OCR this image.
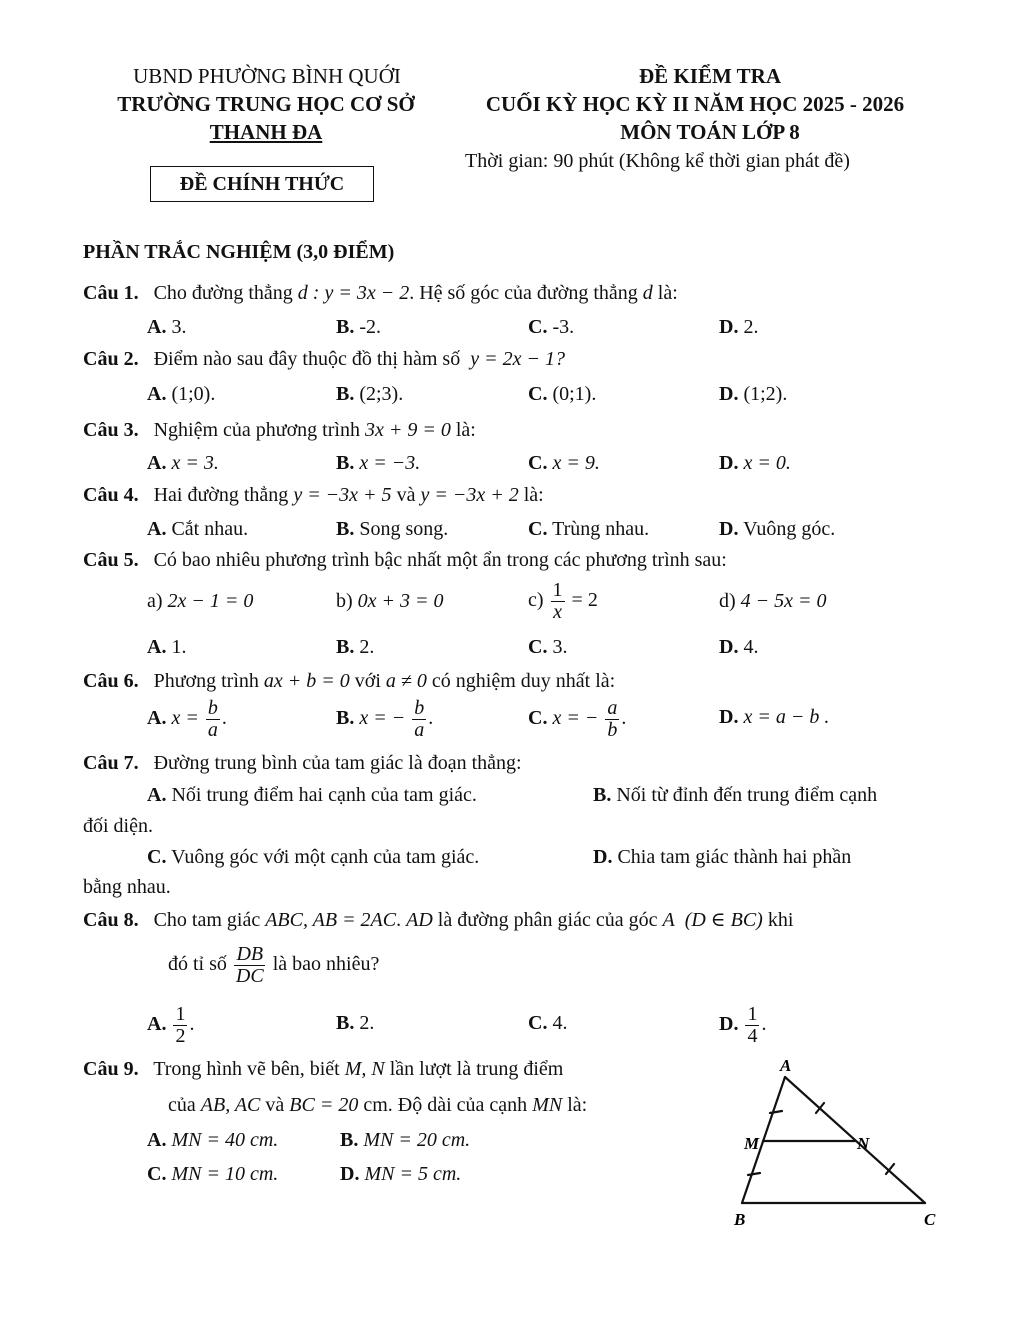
UBND PHƯỜNG BÌNH QUỚI
TRƯỜNG TRUNG HỌC CƠ SỞ
THANH ĐA
ĐỀ CHÍNH THỨC
ĐỀ KIỂM TRA
CUỐI KỲ HỌC KỲ II NĂM HỌC 2025 - 2026
MÔN TOÁN LỚP 8
Thời gian: 90 phút (Không kể thời gian phát đề)
PHẦN TRẮC NGHIỆM (3,0 ĐIỂM)
Câu 1. Cho đường thẳng d : y = 3x − 2. Hệ số góc của đường thẳng d là:
A. 3.	B. -2.	C. -3.	D. 2.
Câu 2. Điểm nào sau đây thuộc đồ thị hàm số y = 2x − 1?
A. (1;0).	B. (2;3).	C. (0;1).	D. (1;2).
Câu 3. Nghiệm của phương trình 3x + 9 = 0 là:
A. x = 3.	B. x = −3.	C. x = 9.	D. x = 0.
Câu 4. Hai đường thẳng y = −3x + 5 và y = −3x + 2 là:
A. Cắt nhau.	B. Song song.	C. Trùng nhau.	D. Vuông góc.
Câu 5. Có bao nhiêu phương trình bậc nhất một ẩn trong các phương trình sau:
a) 2x − 1 = 0	b) 0x + 3 = 0	$c) \frac{1}{x} = 2$	d) 4 − 5x = 0
A. 1.	B. 2.	C. 3.	D. 4.
Câu 6. Phương trình ax + b = 0 với a ≠ 0 có nghiệm duy nhất là:
A. $x = \frac{b}{a}$ .	B. x = − $\frac{b}{a}$ .	C. x = − $\frac{a}{b}$ .	D. x = a − b .
Câu 7. Đường trung bình của tam giác là đoạn thẳng:
A. Nối trung điểm hai cạnh của tam giác.	B. Nối từ đỉnh đến trung điểm cạnh
đối diện.
C. Vuông góc với một cạnh của tam giác.	D. Chia tam giác thành hai phần
bằng nhau.
Câu 8. Cho tam giác ABC, AB = 2AC. AD là đường phân giác của góc A (D ∈ BC) khi
đó tỉ số $\frac{DB}{DC}$ là bao nhiêu?
A. $\frac{1}{2}$ .	B. 2.	C. 4.	D. $\frac{1}{4}$ .
Câu 9. Trong hình vẽ bên, biết M, N lần lượt là trung điểm
của AB, AC và BC = 20 cm. Độ dài của cạnh MN là:
A. MN = 40 cm.	B. MN = 20 cm.
C. MN = 10 cm.	D. MN = 5 cm.
A
B	C
M	N
